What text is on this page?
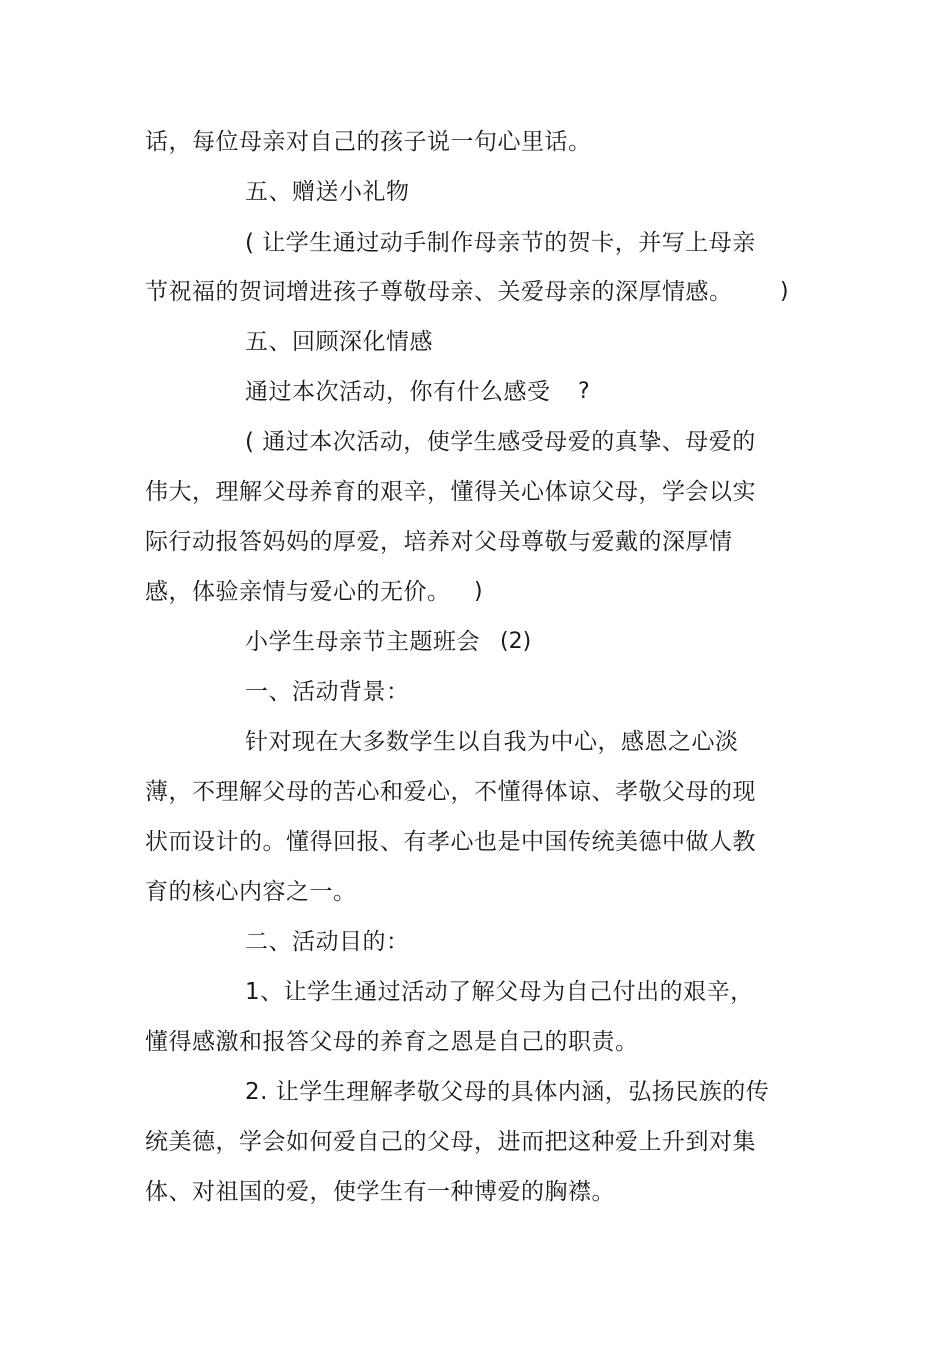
话，每位母亲对自己的孩子说一句心里话。
五、赠送小礼物
( 让学生通过动手制作母亲节的贺卡，并写上母亲
节祝福的贺词增进孩子尊敬母亲、关爱母亲的深厚情感。 )
五、回顾深化情感
通过本次活动，你有什么感受 ?
( 通过本次活动，使学生感受母爱的真挚、母爱的
伟大，理解父母养育的艰辛，懂得关心体谅父母，学会以实
际行动报答妈妈的厚爱，培养对父母尊敬与爱戴的深厚情
感，体验亲情与爱心的无价。 )
小学生母亲节主题班会 (2)
一、活动背景：
针对现在大多数学生以自我为中心，感恩之心淡
薄，不理解父母的苦心和爱心，不懂得体谅、孝敬父母的现
状而设计的。懂得回报、有孝心也是中国传统美德中做人教
育的核心内容之一。
二、活动目的：
1、让学生通过活动了解父母为自己付出的艰辛，
懂得感激和报答父母的养育之恩是自己的职责。
2. 让学生理解孝敬父母的具体内涵，弘扬民族的传
统美德，学会如何爱自己的父母，进而把这种爱上升到对集
体、对祖国的爱，使学生有一种博爱的胸襟。
